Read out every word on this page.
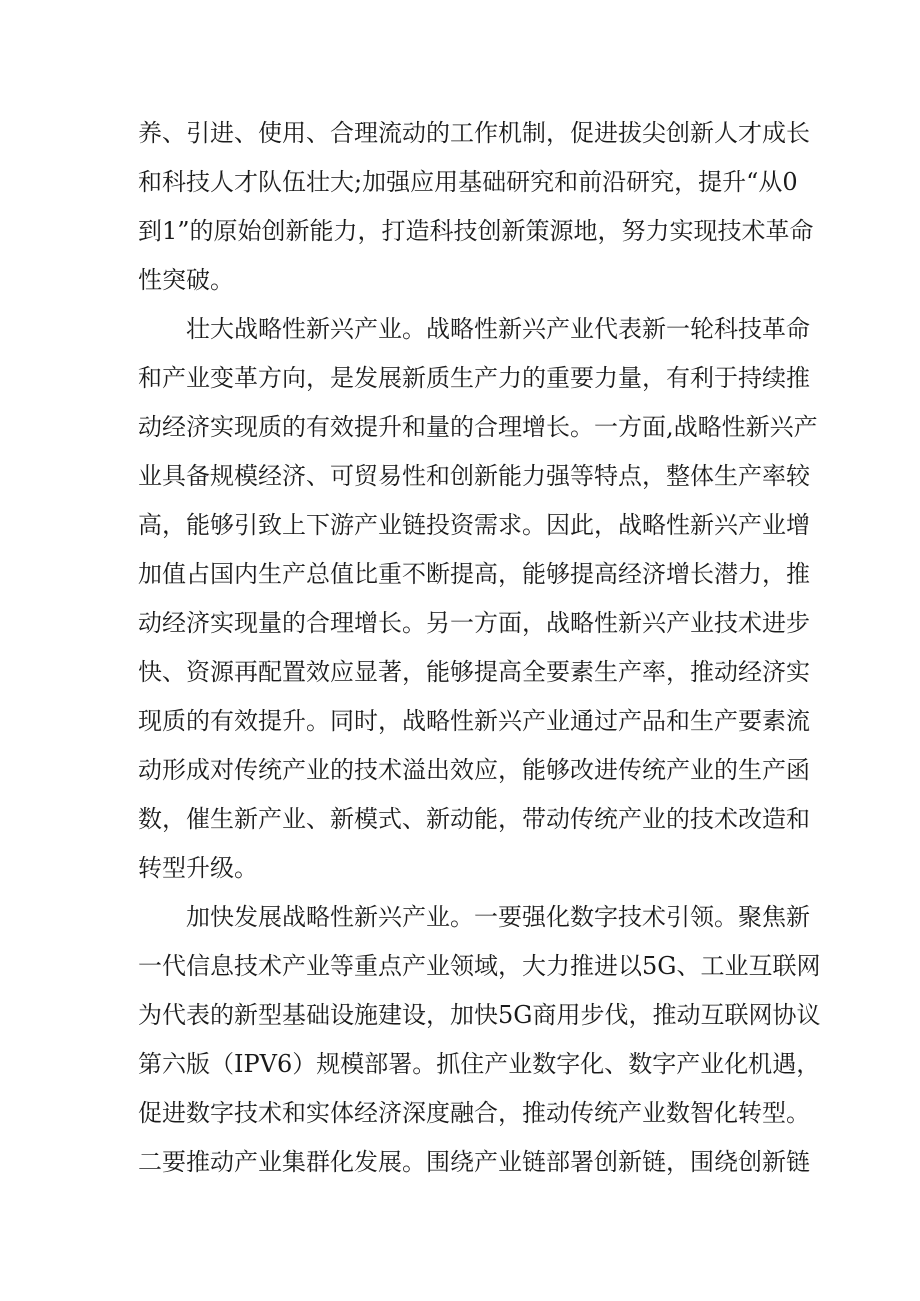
养、引进、使用、合理流动的工作机制，促进拔尖创新人才成长
和科技人才队伍壮大;加强应用基础研究和前沿研究，提升“从0
到1”的原始创新能力，打造科技创新策源地，努力实现技术革命
性突破。
壮大战略性新兴产业。战略性新兴产业代表新一轮科技革命
和产业变革方向，是发展新质生产力的重要力量，有利于持续推
动经济实现质的有效提升和量的合理增长。一方面,战略性新兴产
业具备规模经济、可贸易性和创新能力强等特点，整体生产率较
高，能够引致上下游产业链投资需求。因此，战略性新兴产业增
加值占国内生产总值比重不断提高，能够提高经济增长潜力，推
动经济实现量的合理增长。另一方面，战略性新兴产业技术进步
快、资源再配置效应显著，能够提高全要素生产率，推动经济实
现质的有效提升。同时，战略性新兴产业通过产品和生产要素流
动形成对传统产业的技术溢出效应，能够改进传统产业的生产函
数，催生新产业、新模式、新动能，带动传统产业的技术改造和
转型升级。
加快发展战略性新兴产业。一要强化数字技术引领。聚焦新
一代信息技术产业等重点产业领域，大力推进以5G、工业互联网
为代表的新型基础设施建设，加快5G商用步伐，推动互联网协议
第六版（IPV6）规模部署。抓住产业数字化、数字产业化机遇，
促进数字技术和实体经济深度融合，推动传统产业数智化转型。
二要推动产业集群化发展。围绕产业链部署创新链，围绕创新链
